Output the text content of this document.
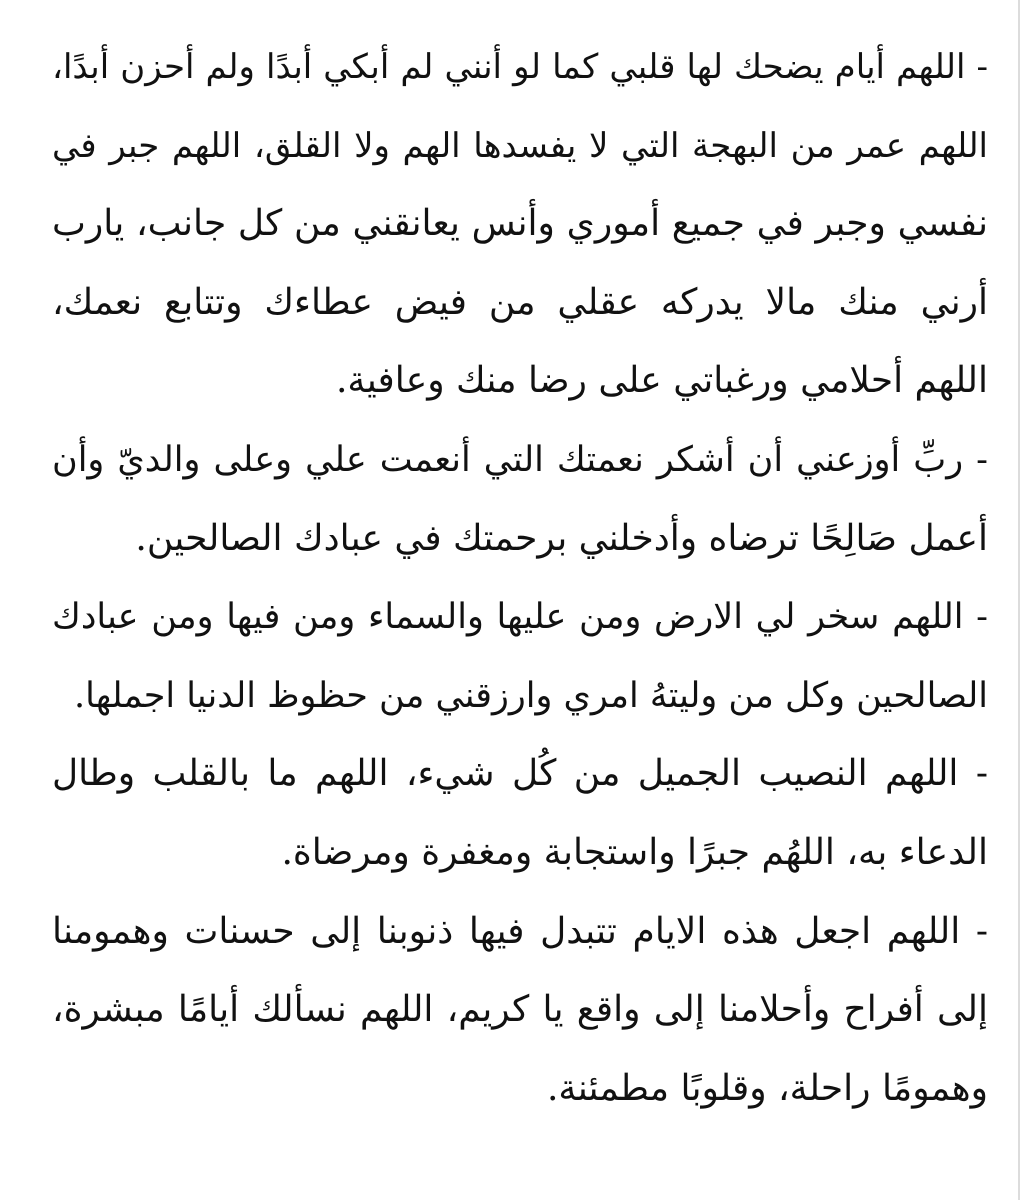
- اللهم أيام يضحك لها قلبي كما لو أنني لم أبكي أبدًا ولم أحزن أبدًا،
اللهم عمر من البهجة التي لا يفسدها الهم ولا القلق، اللهم جبر في
نفسي وجبر في جميع أموري وأنس يعانقني من كل جانب، يارب
أرني منك مالا يدركه عقلي من فيض عطاءك وتتابع نعمك،
اللهم أحلامي ورغباتي على رضا منك وعافية.
- ربِّ أوزعني أن أشكر نعمتك التي أنعمت علي وعلى والديّ وأن
أعمل صَالِحًا ترضاه وأدخلني برحمتك في عبادك الصالحين.
- اللهم سخر لي الارض ومن عليها والسماء ومن فيها ومن عبادك
الصالحين وكل من وليتهُ امري وارزقني من حظوظ الدنيا اجملها.
- اللهم النصيب الجميل من كُل شيء، اللهم ما بالقلب وطال
الدعاء به، اللهُم جبرًا واستجابة ومغفرة ومرضاة.
- اللهم اجعل هذه الايام تتبدل فيها ذنوبنا إلى حسنات وهمومنا
إلى أفراح وأحلامنا إلى واقع يا كريم، اللهم نسألك أيامًا مبشرة،
وهمومًا راحلة، وقلوبًا مطمئنة.
